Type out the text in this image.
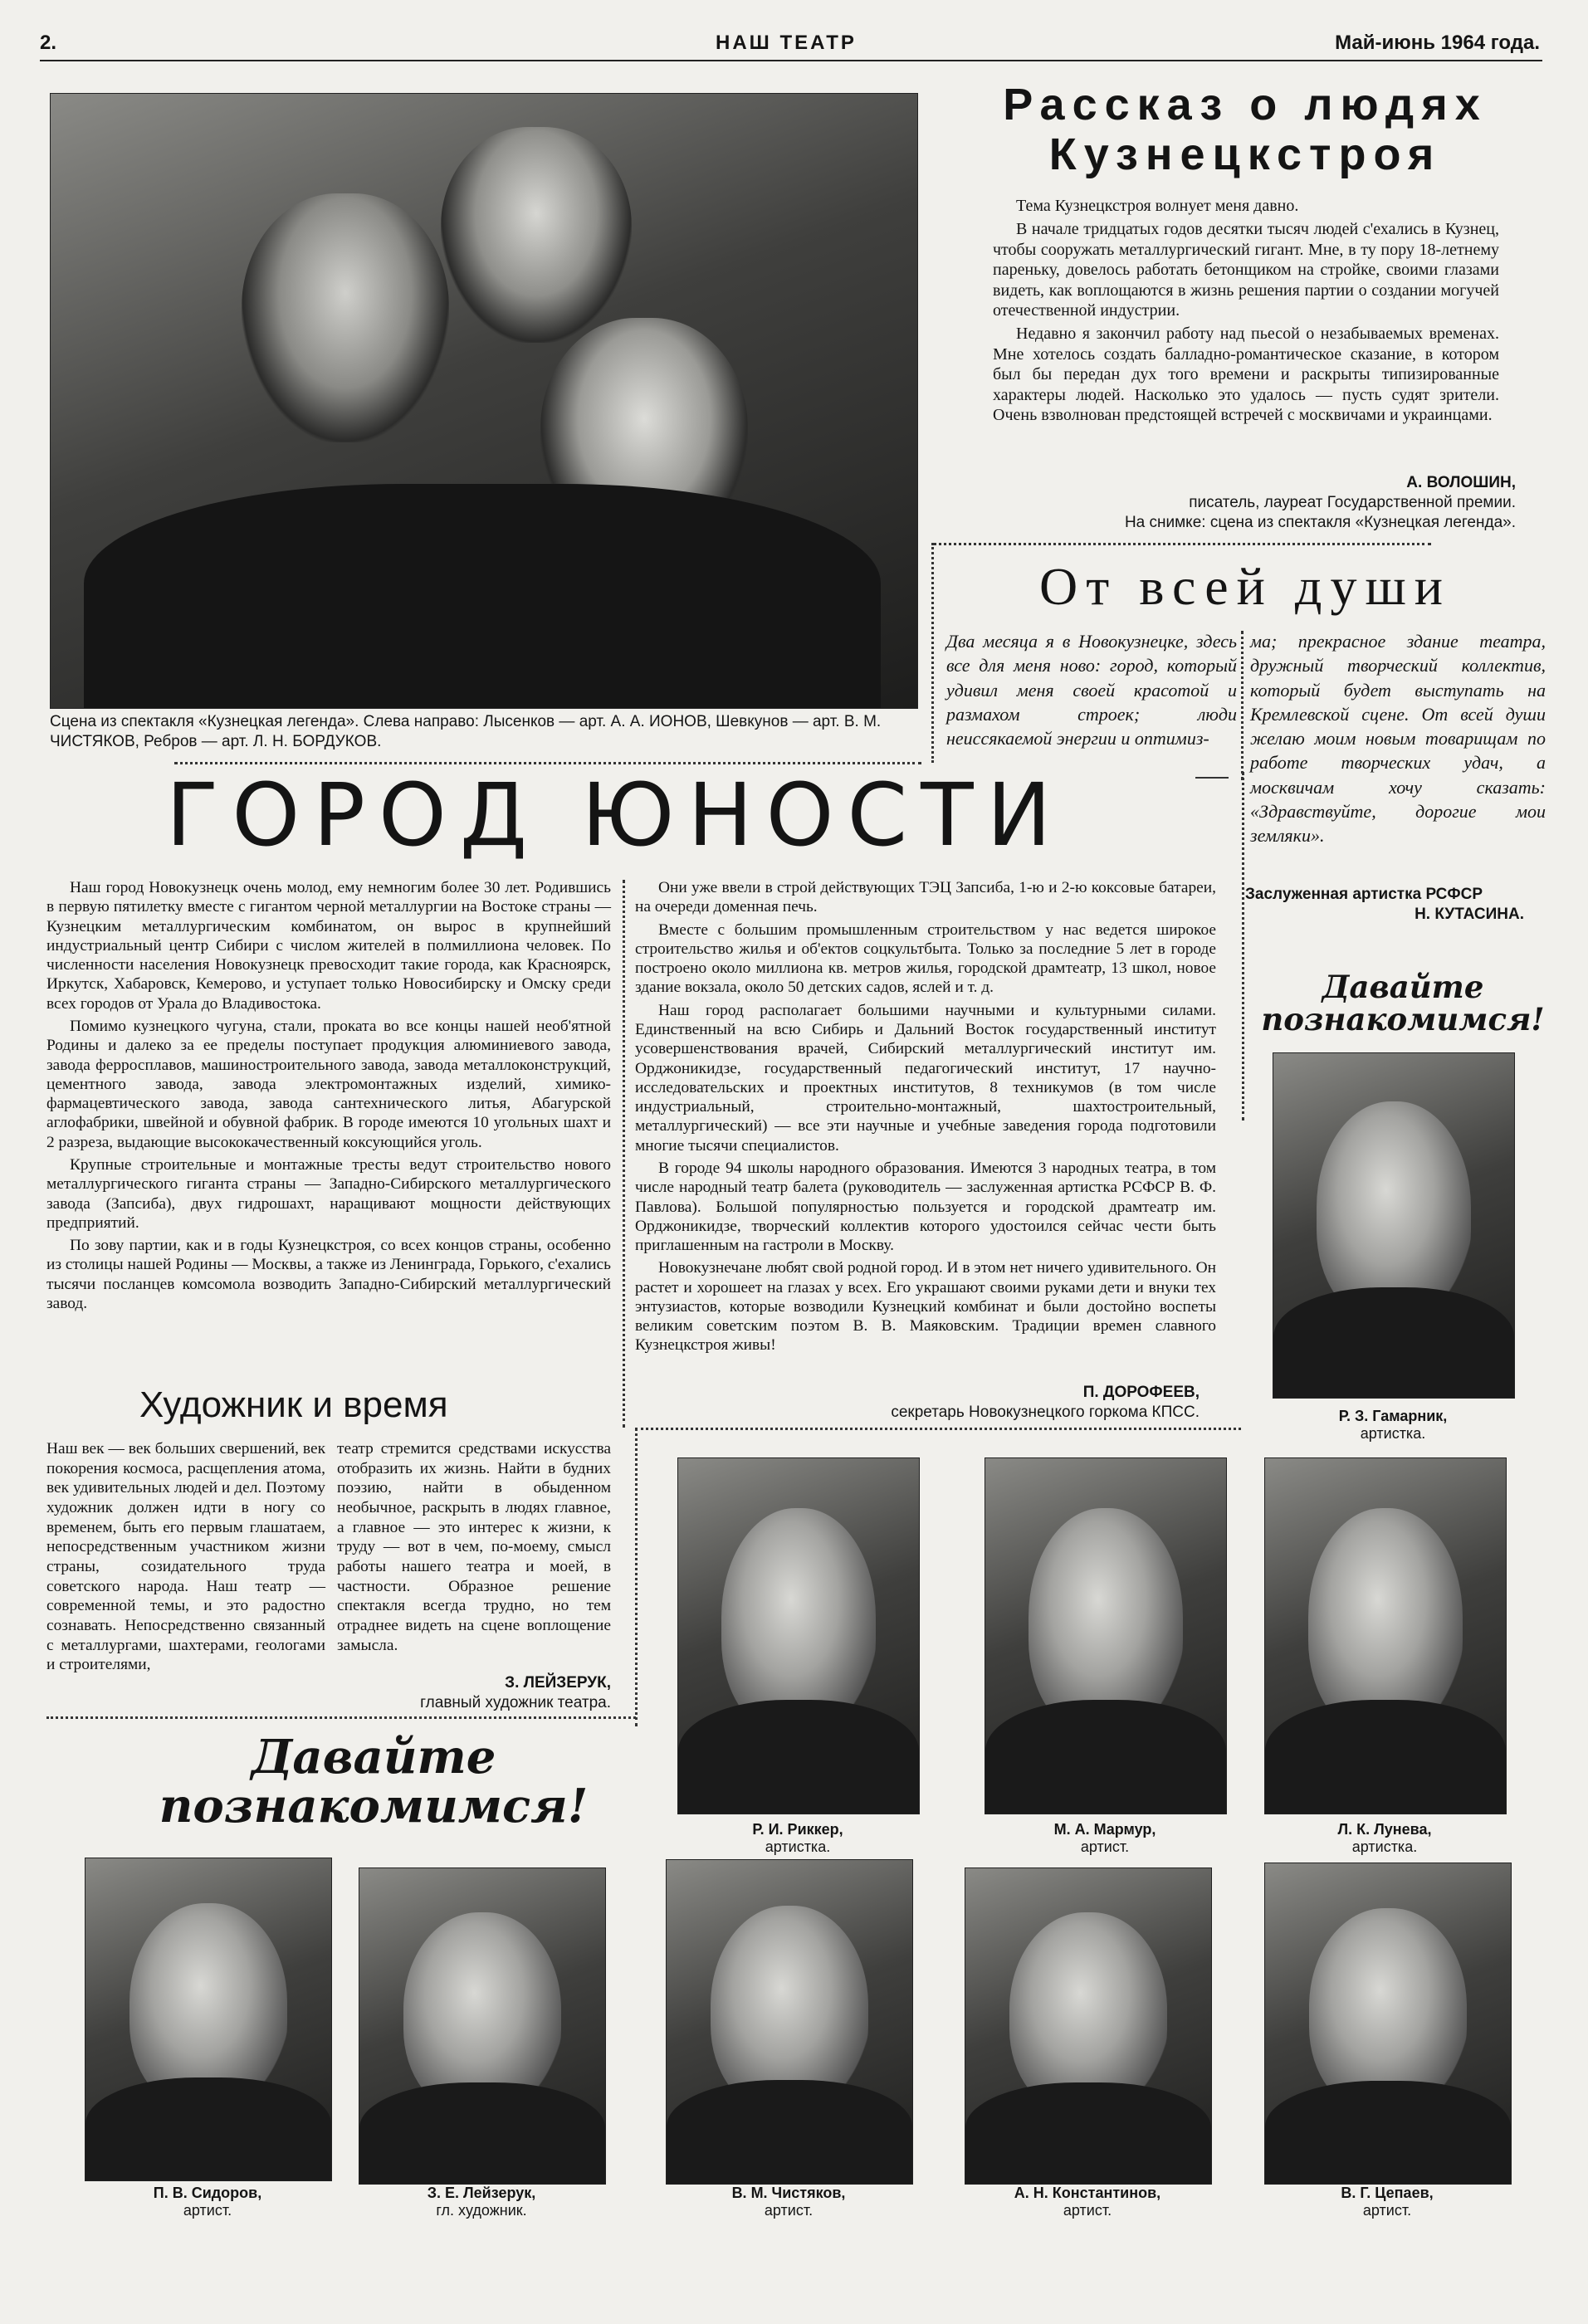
2.	НАШ ТЕАТР	Май-июнь 1964 года.
Сцена из спектакля «Кузнецкая легенда». Слева направо: Лысенков — арт. А. А. ИОНОВ, Шевкунов — арт. В. М. ЧИСТЯКОВ, Ребров — арт. Л. Н. БОРДУКОВ.
Рассказ о людях
Кузнецкстроя

Тема Кузнецкстроя волнует меня давно.

В начале тридцатых годов десятки тысяч людей с'ехались в Кузнец, чтобы сооружать металлургический гигант. Мне, в ту пору 18-летнему пареньку, довелось работать бетонщиком на стройке, своими глазами видеть, как воплощаются в жизнь решения партии о создании могучей отечественной индустрии.

Недавно я закончил работу над пьесой о незабываемых временах. Мне хотелось создать балладно-романтическое сказание, в котором был бы передан дух того времени и раскрыты типизированные характеры людей. Насколько это удалось — пусть судят зрители. Очень взволнован предстоящей встречей с москвичами и украинцами.

А. ВОЛОШИН,
писатель, лауреат Государственной премии.
На снимке: сцена из спектакля «Кузнецкая легенда».
От всей души
Два месяца я в Новокузнецке, здесь все для меня ново: город, который удивил меня своей красотой и размахом строек; люди неиссякаемой энергии и оптимиз-
ма; прекрасное здание театра, дружный творческий коллектив, который будет выступать на Кремлевской сцене. От всей души желаю моим новым товарищам по работе творческих удач, а москвичам хочу сказать: «Здравствуйте, дорогие мои земляки».
Заслуженная артистка РСФСР
Н. КУТАСИНА.
ГОРОД ЮНОСТИ

Наш город Новокузнецк очень молод, ему немногим более 30 лет. Родившись в первую пятилетку вместе с гигантом черной металлургии на Востоке страны — Кузнецким металлургическим комбинатом, он вырос в крупнейший индустриальный центр Сибири с числом жителей в полмиллиона человек. По численности населения Новокузнецк превосходит такие города, как Красноярск, Иркутск, Хабаровск, Кемерово, и уступает только Новосибирску и Омску среди всех городов от Урала до Владивостока.

Помимо кузнецкого чугуна, стали, проката во все концы нашей необ'ятной Родины и далеко за ее пределы поступает продукция алюминиевого завода, завода ферросплавов, машиностроительного завода, завода металлоконструкций, цементного завода, завода электромонтажных изделий, химико-фармацевтического завода, завода сантехнического литья, Абагурской аглофабрики, швейной и обувной фабрик. В городе имеются 10 угольных шахт и 2 разреза, выдающие высококачественный коксующийся уголь.

Крупные строительные и монтажные тресты ведут строительство нового металлургического гиганта страны — Западно-Сибирского металлургического завода (Запсиба), двух гидрошахт, наращивают мощности действующих предприятий.

По зову партии, как и в годы Кузнецкстроя, со всех концов страны, особенно из столицы нашей Родины — Москвы, а также из Ленинграда, Горького, с'ехались тысячи посланцев комсомола возводить Западно-Сибирский металлургический завод.

Они уже ввели в строй действующих ТЭЦ Запсиба, 1-ю и 2-ю коксовые батареи, на очереди доменная печь.

Вместе с большим промышленным строительством у нас ведется широкое строительство жилья и об'ектов соцкультбыта. Только за последние 5 лет в городе построено около миллиона кв. метров жилья, городской драмтеатр, 13 школ, новое здание вокзала, около 50 детских садов, яслей и т. д.

Наш город располагает большими научными и культурными силами. Единственный на всю Сибирь и Дальний Восток государственный институт усовершенствования врачей, Сибирский металлургический институт им. Орджоникидзе, государственный педагогический институт, 17 научно-исследовательских и проектных институтов, 8 техникумов (в том числе индустриальный, строительно-монтажный, шахтостроительный, металлургический) — все эти научные и учебные заведения города подготовили многие тысячи специалистов.

В городе 94 школы народного образования. Имеются 3 народных театра, в том числе народный театр балета (руководитель — заслуженная артистка РСФСР В. Ф. Павлова). Большой популярностью пользуется и городской драмтеатр им. Орджоникидзе, творческий коллектив которого удостоился сейчас чести быть приглашенным на гастроли в Москву.

Новокузнечане любят свой родной город. И в этом нет ничего удивительного. Он растет и хорошеет на глазах у всех. Его украшают своими руками дети и внуки тех энтузиастов, которые возводили Кузнецкий комбинат и были достойно воспеты великим советским поэтом В. В. Маяковским. Традиции времен славного Кузнецкстроя живы!

П. ДОРОФЕЕВ,
секретарь Новокузнецкого горкома КПСС.
Художник и время
Наш век — век больших свершений, век покорения космоса, расщепления атома, век удивительных людей и дел. Поэтому художник должен идти в ногу со временем, быть его первым глашатаем, непосредственным участником жизни страны, созидательного труда советского народа. Наш театр — современной темы, и это радостно сознавать. Непосредственно связанный с металлургами, шахтерами, геологами и строителями,
театр стремится средствами искусства отобразить их жизнь. Найти в будних поэзию, найти в обыденном необычное, раскрыть в людях главное, а главное — это интерес к жизни, к труду — вот в чем, по-моему, смысл работы нашего театра и моей, в частности. Образное решение спектакля всегда трудно, но тем отраднее видеть на сцене воплощение замысла.
З. ЛЕЙЗЕРУК,
главный художник театра.
Давайте
познакомимся!
Давайте
познакомимся!
Р. З. Гамарник,
артистка.
Р. И. Риккер,
артистка.
М. А. Мармур,
артист.
Л. К. Лунева,
артистка.
П. В. Сидоров,
артист.
З. Е. Лейзерук,
гл. художник.
В. М. Чистяков,
артист.
А. Н. Константинов,
артист.
В. Г. Цепаев,
артист.
